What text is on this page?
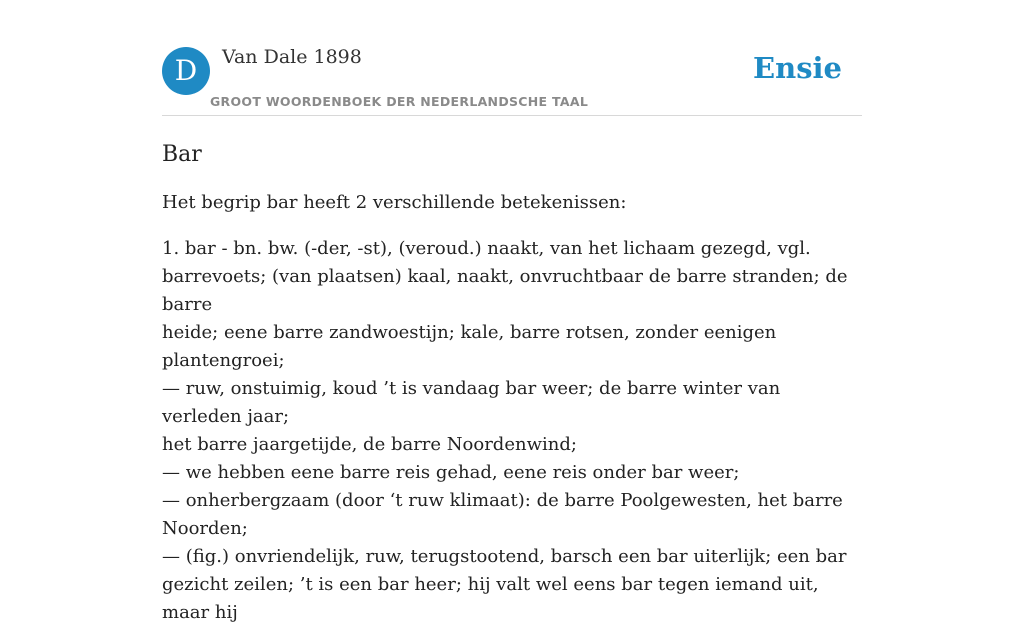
D	Van Dale 1898
GROOT WOORDENBOEK DER NEDERLANDSCHE TAAL
Ensie
Bar

Het begrip bar heeft 2 verschillende betekenissen:

1. bar - bn. bw. (-der, -st), (veroud.) naakt, van het lichaam gezegd, vgl.
barrevoets; (van plaatsen) kaal, naakt, onvruchtbaar de barre stranden; de barre
heide; eene barre zandwoestijn; kale, barre rotsen, zonder eenigen plantengroei;
— ruw, onstuimig, koud ’t is vandaag bar weer; de barre winter van verleden jaar;
het barre jaargetijde, de barre Noordenwind;
— we hebben eene barre reis gehad, eene reis onder bar weer;
— onherbergzaam (door ‘t ruw klimaat): de barre Poolgewesten, het barre
Noorden;
— (fig.) onvriendelijk, ruw, terugstootend, barsch een bar uiterlijk; een bar
gezicht zeilen; ’t is een bar heer; hij valt wel eens bar tegen iemand uit, maar hij
